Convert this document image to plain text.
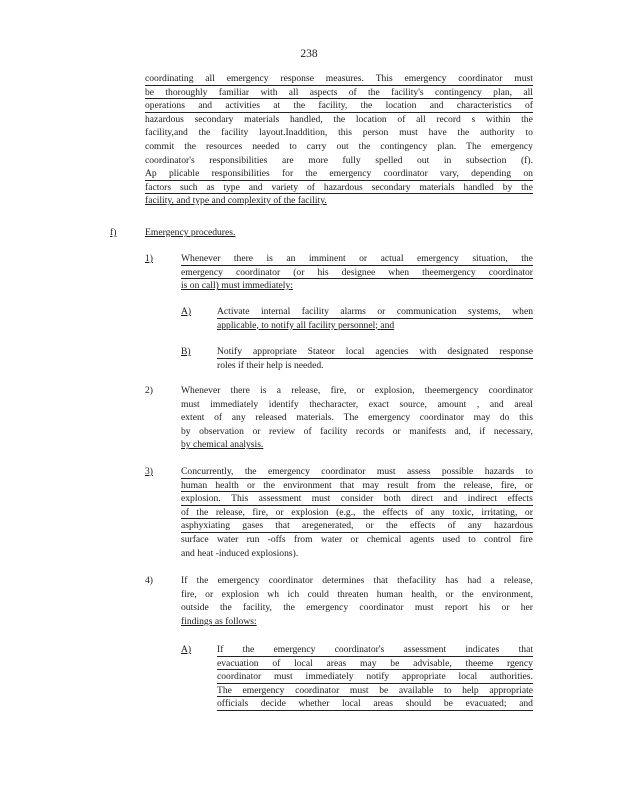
238
coordinating all emergency response measures. This emergency coordinator must
be thoroughly familiar with all aspects of the facility's contingency plan, all
operations and activities at the facility, the location and characteristics of
hazardous secondary materials handled, the location of all record s within the
facility,and the facility layout.Inaddition, this person must have the authority to
commit the resources needed to carry out the contingency plan. The emergency
coordinator's responsibilities are more fully spelled out in subsection (f).
Ap plicable responsibilities for the emergency coordinator vary, depending on
factors such as type and variety of hazardous secondary materials handled by the
facility, and type and complexity of the facility.
f)	Emergency procedures.
1)	Whenever there is an imminent or actual emergency situation, the
emergency coordinator (or his designee when theemergency coordinator
is on call) must immediately:
A)	Activate internal facility alarms or communication systems, when
applicable, to notify all facility personnel; and
B)	Notify appropriate Stateor local agencies with designated response
roles if their help is needed.
2)	Whenever there is a release, fire, or explosion, theemergency coordinator
must immediately identify thecharacter, exact source, amount , and areal
extent of any released materials. The emergency coordinator may do this
by observation or review of facility records or manifests and, if necessary,
by chemical analysis.
3)	Concurrently, the emergency coordinator must assess possible hazards to
human health or the environment that may result from the release, fire, or
explosion. This assessment must consider both direct and indirect effects
of the release, fire, or explosion (e.g., the effects of any toxic, irritating, or
asphyxiating gases that aregenerated, or the effects of any hazardous
surface water run -offs from water or chemical agents used to control fire
and heat -induced explosions).
4)	If the emergency coordinator determines that thefacility has had a release,
fire, or explosion wh ich could threaten human health, or the environment,
outside the facility, the emergency coordinator must report his or her
findings as follows:
A)	If the emergency coordinator's assessment indicates that
evacuation of local areas may be advisable, theeme rgency
coordinator must immediately notify appropriate local authorities.
The emergency coordinator must be available to help appropriate
officials decide whether local areas should be evacuated; and
